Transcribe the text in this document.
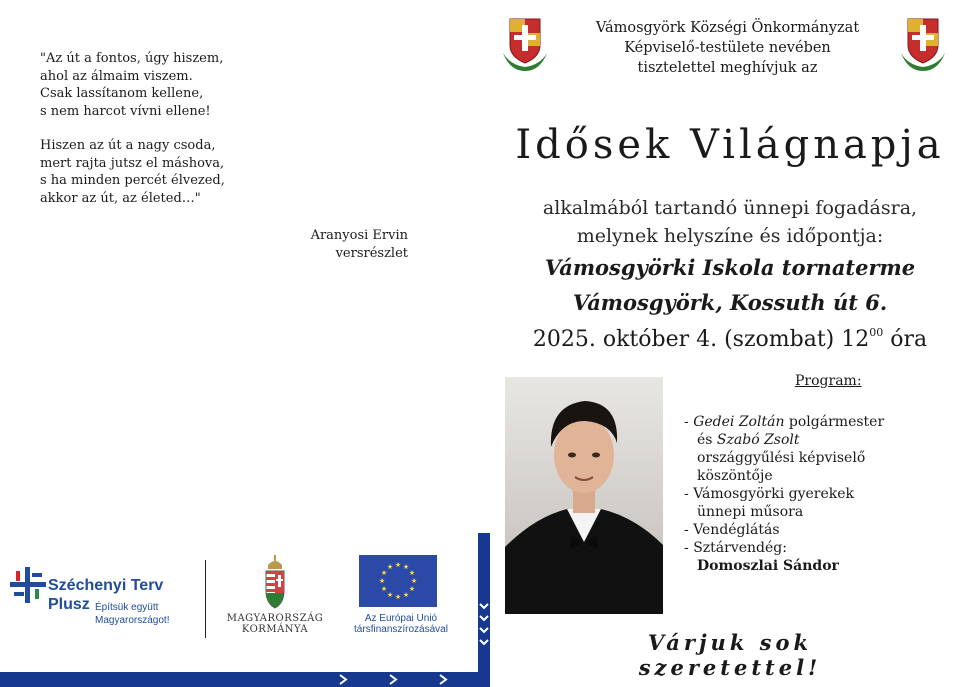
"Az út a fontos, úgy hiszem,
ahol az álmaim viszem.
Csak lassítanom kellene,
s nem harcot vívni ellene!
Hiszen az út a nagy csoda,
mert rajta jutsz el máshova,
s ha minden percét élvezed,
akkor az út, az életed…"
Aranyosi Ervin
versrészlet
Széchenyi Terv
Plusz Építsük együtt
Magyarországot!	MAGYARORSZÁG
KORMÁNYA
★ ★
★
★
★
★
★
★
★
★
★
★
Az Európai Unió
társfinanszírozásával
Vámosgyörk Községi Önkormányzat
Képviselő-testülete nevében
tisztelettel meghívjuk az
Idősek Világnapja
alkalmából tartandó ünnepi fogadásra,
melynek helyszíne és időpontja:
Vámosgyörki Iskola tornaterme
Vámosgyörk, Kossuth út 6.
2025. október 4. (szombat) $12^{00}$ óra
Program:
- Gedei Zoltán polgármester
és Szabó Zsolt
országgyűlési képviselő
köszöntője
- Vámosgyörki gyerekek
ünnepi műsora
- Vendéglátás
- Sztárvendég:
Domoszlai Sándor
Várjuk sok szeretettel!
